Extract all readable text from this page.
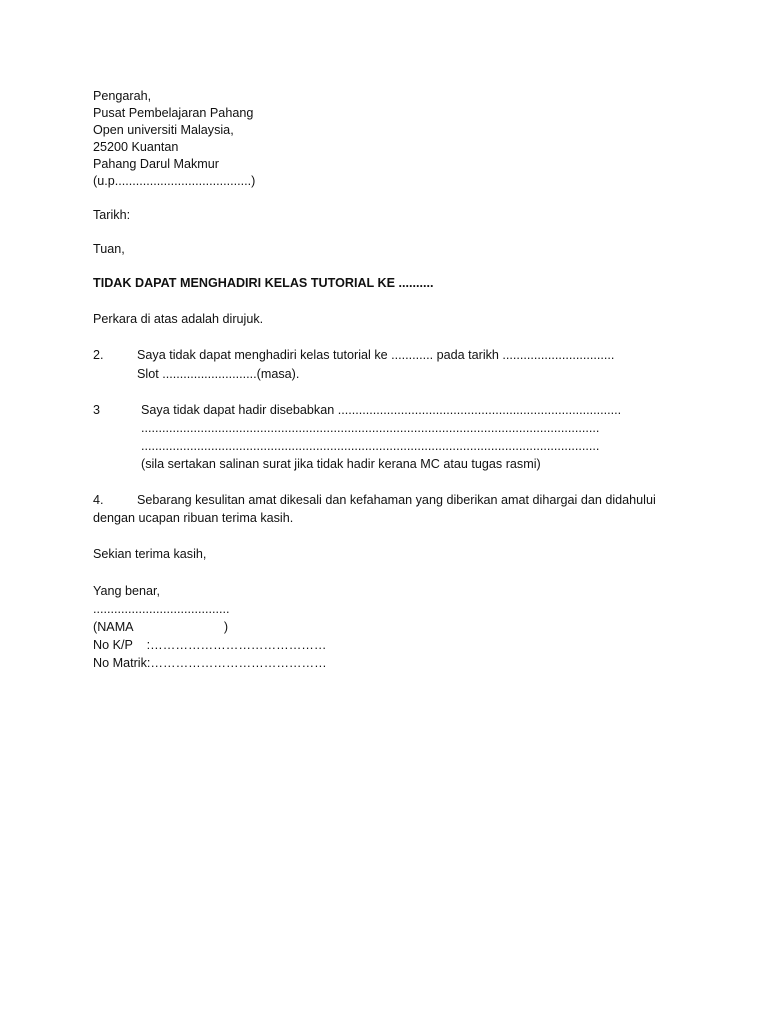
Pengarah,
Pusat Pembelajaran Pahang
Open universiti Malaysia,
25200 Kuantan
Pahang Darul Makmur
(u.p.......................................)
Tarikh:
Tuan,
TIDAK DAPAT MENGHADIRI KELAS TUTORIAL KE ..........
Perkara di atas adalah dirujuk.
2.	Saya tidak dapat menghadiri kelas tutorial ke ............ pada tarikh ................................
Slot ...........................(masa).
3	Saya tidak dapat hadir disebabkan .................................................................................
...................................................................................................................................
...................................................................................................................................
(sila sertakan salinan surat jika tidak hadir kerana MC atau tugas rasmi)
4.	Sebarang kesulitan amat dikesali dan kefahaman yang diberikan amat dihargai dan didahului
dengan ucapan ribuan terima kasih.
Sekian terima kasih,
Yang benar,
.......................................
(NAMA                          )
No K/P    :……………………………………
No Matrik:……………………………………
